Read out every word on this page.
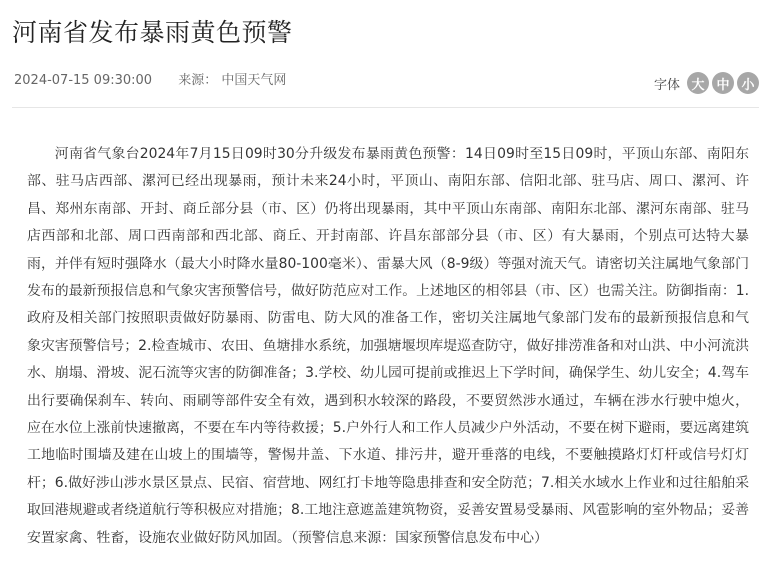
河南省发布暴雨黄色预警
2024-07-15 09:30:00 来源： 中国天气网	字体 大 中 小

河南省气象台2024年7月15日09时30分升级发布暴雨黄色预警：14日09时至15日09时，平顶山东部、南阳东部、驻马店西部、漯河已经出现暴雨，预计未来24小时，平顶山、南阳东部、信阳北部、驻马店、周口、漯河、许昌、郑州东南部、开封、商丘部分县（市、区）仍将出现暴雨，其中平顶山东南部、南阳东北部、漯河东南部、驻马店西部和北部、周口西南部和西北部、商丘、开封南部、许昌东部部分县（市、区）有大暴雨，个别点可达特大暴雨，并伴有短时强降水（最大小时降水量80-100毫米）、雷暴大风（8-9级）等强对流天气。请密切关注属地气象部门发布的最新预报信息和气象灾害预警信号，做好防范应对工作。上述地区的相邻县（市、区）也需关注。防御指南：1.政府及相关部门按照职责做好防暴雨、防雷电、防大风的准备工作，密切关注属地气象部门发布的最新预报信息和气象灾害预警信号；2.检查城市、农田、鱼塘排水系统，加强塘堰坝库堤巡查防守，做好排涝准备和对山洪、中小河流洪水、崩塌、滑坡、泥石流等灾害的防御准备；3.学校、幼儿园可提前或推迟上下学时间，确保学生、幼儿安全；4.驾车出行要确保刹车、转向、雨刷等部件安全有效，遇到积水较深的路段，不要贸然涉水通过，车辆在涉水行驶中熄火，应在水位上涨前快速撤离，不要在车内等待救援；5.户外行人和工作人员减少户外活动，不要在树下避雨，要远离建筑工地临时围墙及建在山坡上的围墙等，警惕井盖、下水道、排污井，避开垂落的电线，不要触摸路灯灯杆或信号灯灯杆；6.做好涉山涉水景区景点、民宿、宿营地、网红打卡地等隐患排查和安全防范；7.相关水域水上作业和过往船舶采取回港规避或者绕道航行等积极应对措施；8.工地注意遮盖建筑物资，妥善安置易受暴雨、风雹影响的室外物品；妥善安置家禽、牲畜，设施农业做好防风加固。（预警信息来源：国家预警信息发布中心）
